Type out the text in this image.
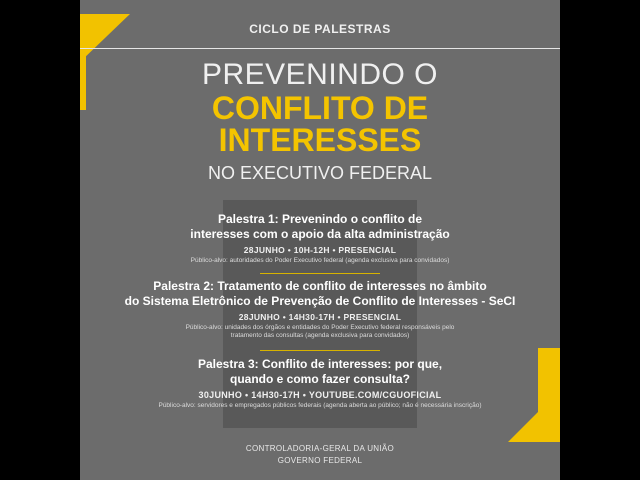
CICLO DE PALESTRAS
PREVENINDO O
CONFLITO DE
INTERESSES
NO EXECUTIVO FEDERAL
Palestra 1: Prevenindo o conflito de
interesses com o apoio da alta administração
28JUNHO • 10H-12H • PRESENCIAL
Público-alvo: autoridades do Poder Executivo federal (agenda exclusiva para convidados)
Palestra 2: Tratamento de conflito de interesses no âmbito
do Sistema Eletrônico de Prevenção de Conflito de Interesses - SeCI
28JUNHO • 14H30-17H • PRESENCIAL
Público-alvo: unidades dos órgãos e entidades do Poder Executivo federal responsáveis pelo
tratamento das consultas (agenda exclusiva para convidados)
Palestra 3: Conflito de interesses: por que,
quando e como fazer consulta?
30JUNHO • 14H30-17H • YOUTUBE.COM/CGUOFICIAL
Público-alvo: servidores e empregados públicos federais (agenda aberta ao público; não é necessária inscrição)
CONTROLADORIA-GERAL DA UNIÃO
GOVERNO FEDERAL
